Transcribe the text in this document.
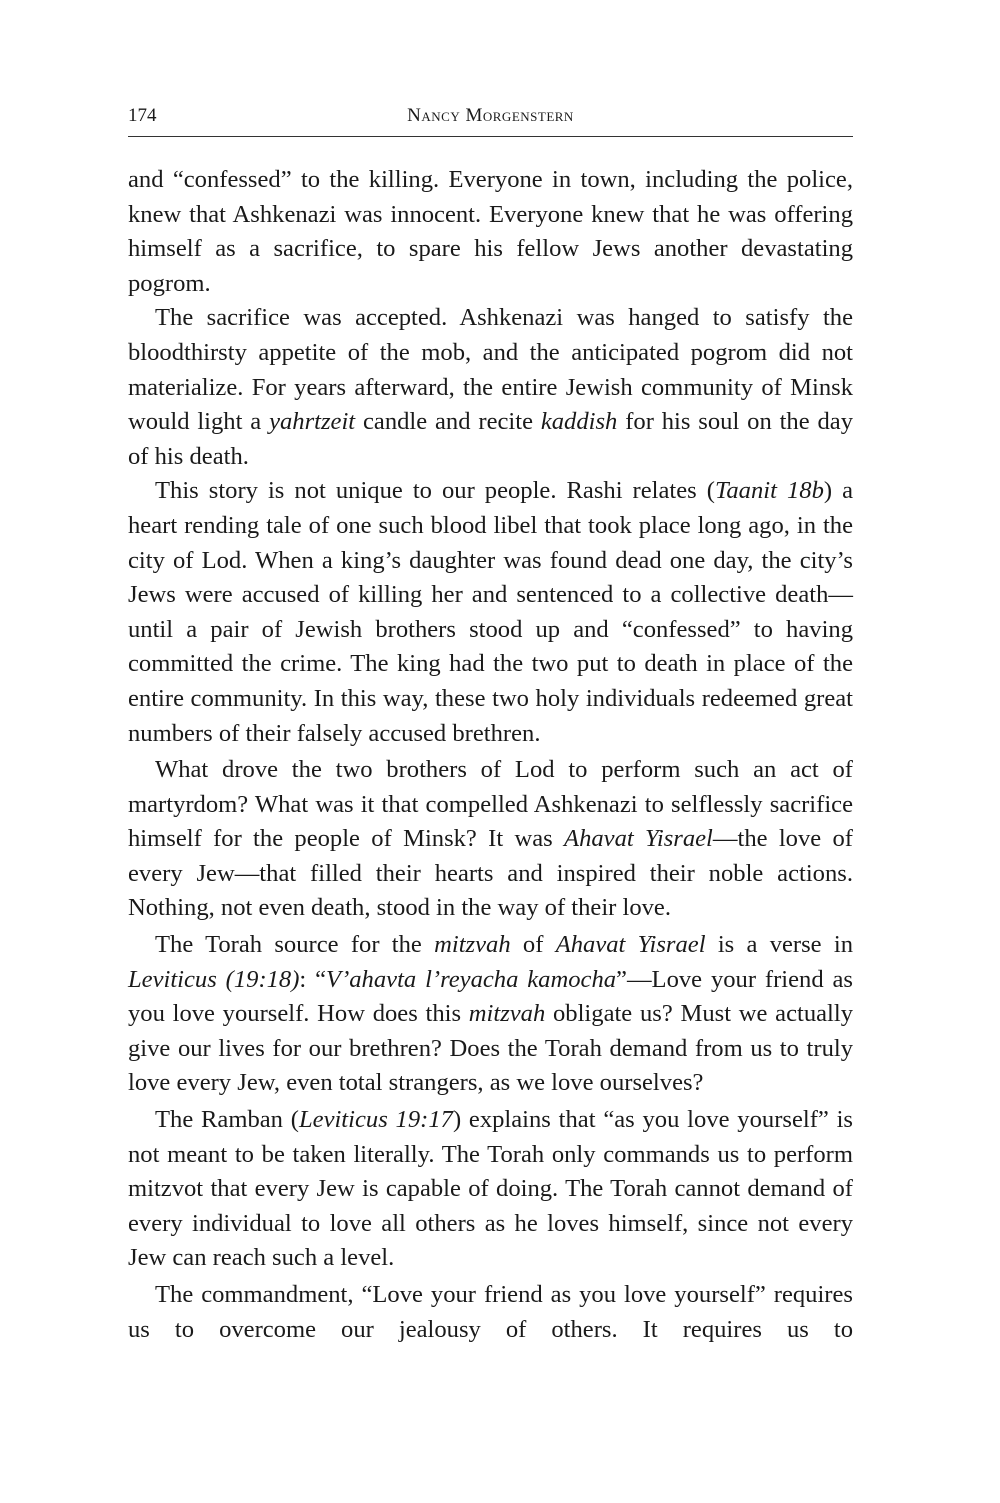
174	Nancy Morgenstern

and “confessed” to the killing. Everyone in town, including the police, knew that Ashkenazi was innocent. Everyone knew that he was offering himself as a sacrifice, to spare his fellow Jews another devastating pogrom.

The sacrifice was accepted. Ashkenazi was hanged to satisfy the bloodthirsty appetite of the mob, and the anticipated pogrom did not materialize. For years afterward, the entire Jewish community of Minsk would light a yahrtzeit candle and recite kaddish for his soul on the day of his death.

This story is not unique to our people. Rashi relates (Taanit 18b) a heart rending tale of one such blood libel that took place long ago, in the city of Lod. When a king’s daughter was found dead one day, the city’s Jews were accused of killing her and sentenced to a collective death—until a pair of Jewish brothers stood up and “confessed” to having committed the crime. The king had the two put to death in place of the entire community. In this way, these two holy individuals redeemed great numbers of their falsely accused brethren.

What drove the two brothers of Lod to perform such an act of martyrdom? What was it that compelled Ashkenazi to selflessly sacrifice himself for the people of Minsk? It was Ahavat Yisrael—the love of every Jew—that filled their hearts and inspired their noble actions. Nothing, not even death, stood in the way of their love.

The Torah source for the mitzvah of Ahavat Yisrael is a verse in Leviticus (19:18): “V’ahavta l’reyacha kamocha”—Love your friend as you love yourself. How does this mitzvah obligate us? Must we actually give our lives for our brethren? Does the Torah demand from us to truly love every Jew, even total strangers, as we love ourselves?

The Ramban (Leviticus 19:17) explains that “as you love yourself” is not meant to be taken literally. The Torah only commands us to perform mitzvot that every Jew is capable of doing. The Torah cannot demand of every individual to love all others as he loves himself, since not every Jew can reach such a level.

The commandment, “Love your friend as you love yourself” requires us to overcome our jealousy of others. It requires us to
